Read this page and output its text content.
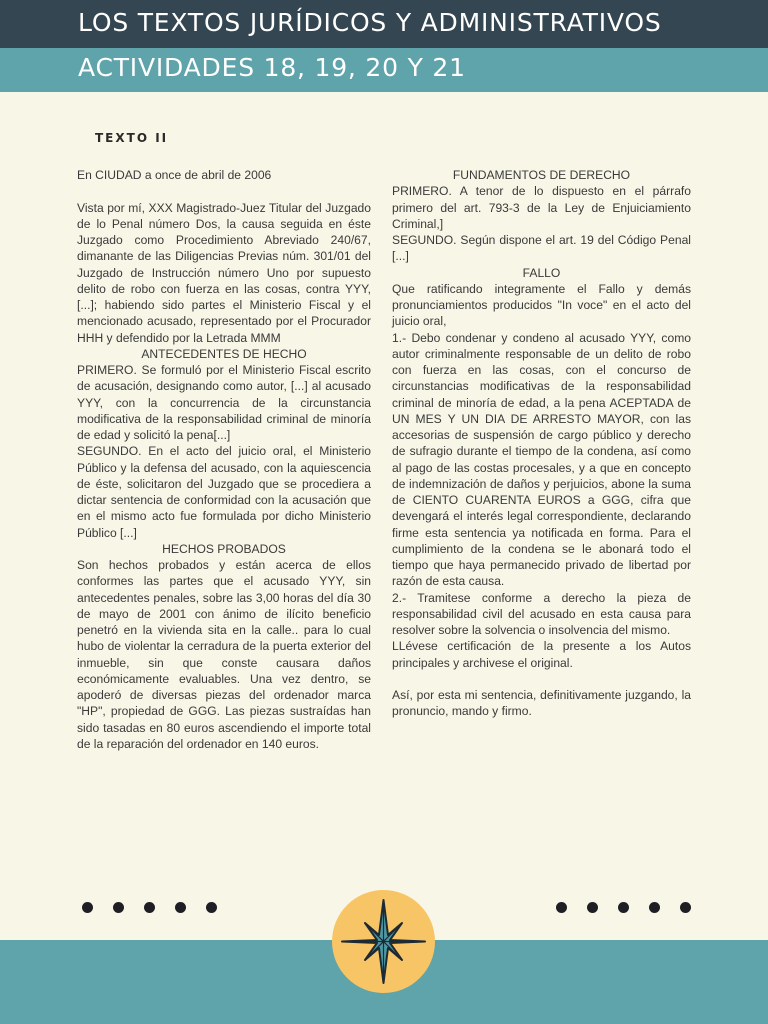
LOS TEXTOS JURÍDICOS Y ADMINISTRATIVOS
ACTIVIDADES 18, 19, 20 Y 21
TEXTO II

En CIUDAD a once de abril de 2006

Vista por mí, XXX Magistrado-Juez Titular del Juzgado de lo Penal número Dos, la causa seguida en éste Juzgado como Procedimiento Abreviado 240/67, dimanante de las Diligencias Previas núm. 301/01 del Juzgado de Instrucción número Uno por supuesto delito de robo con fuerza en las cosas, contra YYY, [...]; habiendo sido partes el Ministerio Fiscal y el mencionado acusado, representado por el Procurador HHH y defendido por la Letrada MMM

ANTECEDENTES DE HECHO

PRIMERO. Se formuló por el Ministerio Fiscal escrito de acusación, designando como autor, [...] al acusado YYY, con la concurrencia de la circunstancia modificativa de la responsabilidad criminal de minoría de edad y solicitó la pena[...]

SEGUNDO. En el acto del juicio oral, el Ministerio Público y la defensa del acusado, con la aquiescencia de éste, solicitaron del Juzgado que se procediera a dictar sentencia de conformidad con la acusación que en el mismo acto fue formulada por dicho Ministerio Público [...]

HECHOS PROBADOS

Son hechos probados y están acerca de ellos conformes las partes que el acusado YYY, sin antecedentes penales, sobre las 3,00 horas del día 30 de mayo de 2001 con ánimo de ilícito beneficio penetró en la vivienda sita en la calle.. para lo cual hubo de violentar la cerradura de la puerta exterior del inmueble, sin que conste causara daños económicamente evaluables. Una vez dentro, se apoderó de diversas piezas del ordenador marca "HP", propiedad de GGG. Las piezas sustraídas han sido tasadas en 80 euros ascendiendo el importe total de la reparación del ordenador en 140 euros.

FUNDAMENTOS DE DERECHO

PRIMERO. A tenor de lo dispuesto en el párrafo primero del art. 793-3 de la Ley de Enjuiciamiento Criminal,]

SEGUNDO. Según dispone el art. 19 del Código Penal [...]

FALLO

Que ratificando integramente el Fallo y demás pronunciamientos producidos "In voce" en el acto del juicio oral,

1.- Debo condenar y condeno al acusado YYY, como autor criminalmente responsable de un delito de robo con fuerza en las cosas, con el concurso de circunstancias modificativas de la responsabilidad criminal de minoría de edad, a la pena ACEPTADA de UN MES Y UN DIA DE ARRESTO MAYOR, con las accesorias de suspensión de cargo público y derecho de sufragio durante el tiempo de la condena, así como al pago de las costas procesales, y a que en concepto de indemnización de daños y perjuicios, abone la suma de CIENTO CUARENTA EUROS a GGG, cifra que devengará el interés legal correspondiente, declarando firme esta sentencia ya notificada en forma. Para el cumplimiento de la condena se le abonará todo el tiempo que haya permanecido privado de libertad por razón de esta causa.

2.- Tramitese conforme a derecho la pieza de responsabilidad civil del acusado en esta causa para resolver sobre la solvencia o insolvencia del mismo.

LLévese certificación de la presente a los Autos principales y archivese el original.

Así, por esta mi sentencia, definitivamente juzgando, la pronuncio, mando y firmo.
